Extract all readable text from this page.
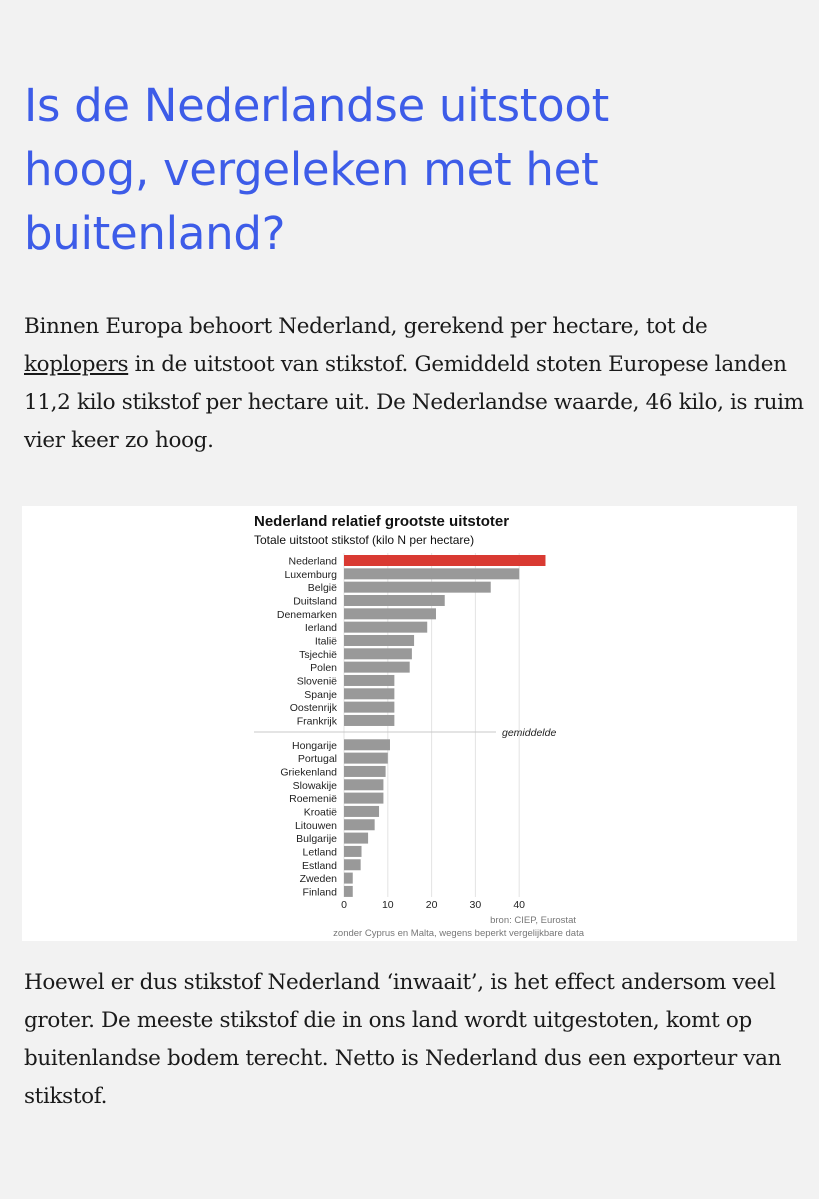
Is de Nederlandse uitstoot hoog, vergeleken met het buitenland?

Binnen Europa behoort Nederland, gerekend per hectare, tot de koplopers in de uitstoot van stikstof. Gemiddeld stoten Europese landen 11,2 kilo stikstof per hectare uit. De Nederlandse waarde, 46 kilo, is ruim vier keer zo hoog.

Nederland relatief grootste uitstoter
Totale uitstoot stikstof (kilo N per hectare)
Nederland
Luxemburg
België
Duitsland
Denemarken
Ierland
Italië
Tsjechië
Polen
Slovenië
Spanje
Oostenrijk
Frankrijk
Hongarije
Portugal
Griekenland
Slowakije
Roemenië
Kroatië
Litouwen
Bulgarije
Letland
Estland
Zweden
Finland
0	10	20	30	40
gemiddelde
bron: CIEP, Eurostat
zonder Cyprus en Malta, wegens beperkt vergelijkbare data

Hoewel er dus stikstof Nederland ‘inwaait’, is het effect andersom veel groter. De meeste stikstof die in ons land wordt uitgestoten, komt op buitenlandse bodem terecht. Netto is Nederland dus een exporteur van stikstof.
